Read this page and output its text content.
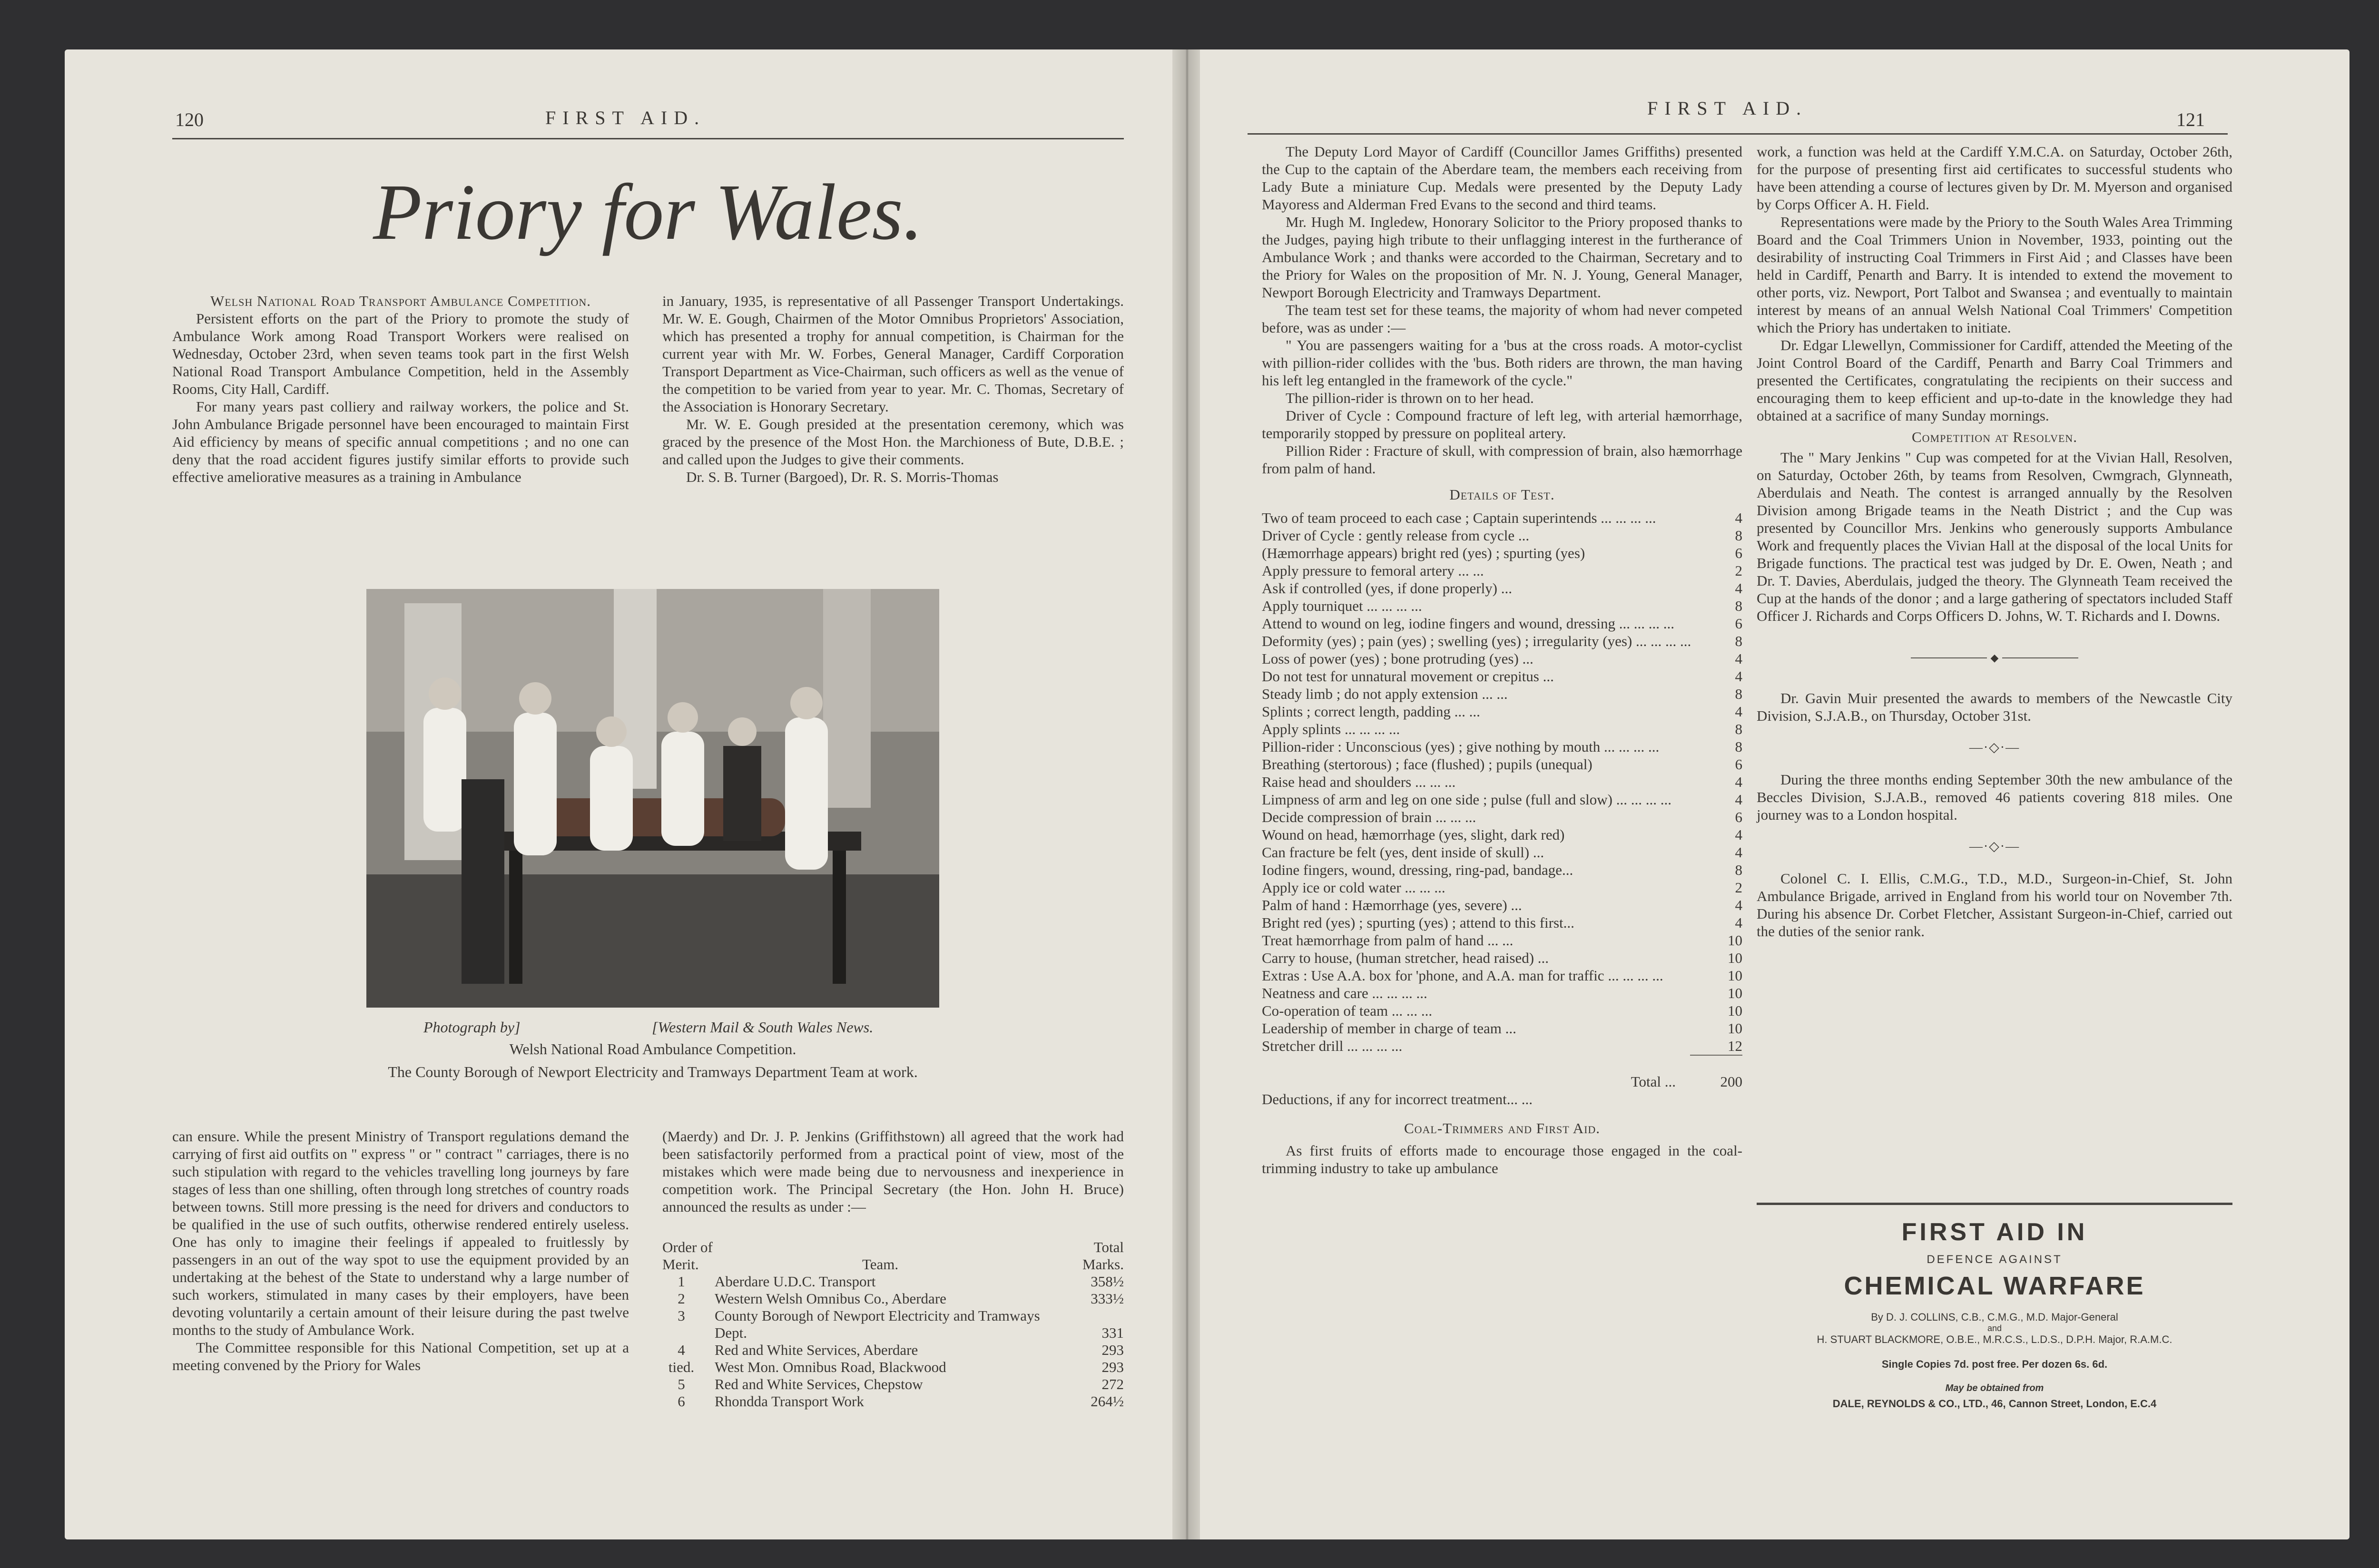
120	FIRST AID.
Priory for Wales.

Welsh National Road Transport Ambulance Competition.

Persistent efforts on the part of the Priory to promote the study of Ambulance Work among Road Transport Workers were realised on Wednesday, October 23rd, when seven teams took part in the first Welsh National Road Transport Ambulance Competition, held in the Assembly Rooms, City Hall, Cardiff.

For many years past colliery and railway workers, the police and St. John Ambulance Brigade personnel have been encouraged to maintain First Aid efficiency by means of specific annual competitions ; and no one can deny that the road accident figures justify similar efforts to provide such effective ameliorative measures as a training in Ambulance

in January, 1935, is representative of all Passenger Transport Undertakings. Mr. W. E. Gough, Chairmen of the Motor Omnibus Proprietors' Association, which has presented a trophy for annual competition, is Chairman for the current year with Mr. W. Forbes, General Manager, Cardiff Corporation Transport Department as Vice-Chairman, such officers as well as the venue of the competition to be varied from year to year. Mr. C. Thomas, Secretary of the Association is Honorary Secretary.

Mr. W. E. Gough presided at the presentation ceremony, which was graced by the presence of the Most Hon. the Marchioness of Bute, D.B.E. ; and called upon the Judges to give their comments.

Dr. S. B. Turner (Bargoed), Dr. R. S. Morris-Thomas

Photograph by]	[Western Mail & South Wales News.
Welsh National Road Ambulance Competition.
The County Borough of Newport Electricity and Tramways Department Team at work.

can ensure. While the present Ministry of Transport regulations demand the carrying of first aid outfits on " express " or " contract " carriages, there is no such stipulation with regard to the vehicles travelling long journeys by fare stages of less than one shilling, often through long stretches of country roads between towns. Still more pressing is the need for drivers and conductors to be qualified in the use of such outfits, otherwise rendered entirely useless. One has only to imagine their feelings if appealed to fruitlessly by passengers in an out of the way spot to use the equipment provided by an undertaking at the behest of the State to understand why a large number of such workers, stimulated in many cases by their employers, have been devoting voluntarily a certain amount of their leisure during the past twelve months to the study of Ambulance Work.

The Committee responsible for this National Competition, set up at a meeting convened by the Priory for Wales

(Maerdy) and Dr. J. P. Jenkins (Griffithstown) all agreed that the work had been satisfactorily performed from a practical point of view, most of the mistakes which were made being due to nervousness and inexperience in competition work. The Principal Secretary (the Hon. John H. Bruce) announced the results as under :—

Order of Merit.	Team.
Total Marks.
1	Aberdare U.D.C. Transport	358½
2	Western Welsh Omnibus Co., Aberdare	333½
3	County Borough of Newport Electricity and Tramways Dept.	331
4	Red and White Services, Aberdare	293
tied.	West Mon. Omnibus Road, Blackwood	293
5	Red and White Services, Chepstow	272
6	Rhondda Transport Work	264½
FIRST AID.
121

The Deputy Lord Mayor of Cardiff (Councillor James Griffiths) presented the Cup to the captain of the Aberdare team, the members each receiving from Lady Bute a miniature Cup. Medals were presented by the Deputy Lady Mayoress and Alderman Fred Evans to the second and third teams.

Mr. Hugh M. Ingledew, Honorary Solicitor to the Priory proposed thanks to the Judges, paying high tribute to their unflagging interest in the furtherance of Ambulance Work ; and thanks were accorded to the Chairman, Secretary and to the Priory for Wales on the proposition of Mr. N. J. Young, General Manager, Newport Borough Electricity and Tramways Department.

The team test set for these teams, the majority of whom had never competed before, was as under :—

" You are passengers waiting for a 'bus at the cross roads. A motor-cyclist with pillion-rider collides with the 'bus. Both riders are thrown, the man having his left leg entangled in the framework of the cycle."

The pillion-rider is thrown on to her head.

Driver of Cycle : Compound fracture of left leg, with arterial hæmorrhage, temporarily stopped by pressure on popliteal artery.

Pillion Rider : Fracture of skull, with compression of brain, also hæmorrhage from palm of hand.

Details of Test.

Two of team proceed to each case ; Captain superintends ... ... ... ...	4
Driver of Cycle : gently release from cycle ...	8
(Hæmorrhage appears) bright red (yes) ; spurting (yes)	6
Apply pressure to femoral artery ... ...	2
Ask if controlled (yes, if done properly) ...	4
Apply tourniquet ... ... ... ...	8
Attend to wound on leg, iodine fingers and wound, dressing ... ... ... ...	6
Deformity (yes) ; pain (yes) ; swelling (yes) ; irregularity (yes) ... ... ... ...	8
Loss of power (yes) ; bone protruding (yes) ...	4
Do not test for unnatural movement or crepitus ...	4
Steady limb ; do not apply extension ... ...	8
Splints ; correct length, padding ... ...	4
Apply splints ... ... ... ...	8
Pillion-rider : Unconscious (yes) ; give nothing by mouth ... ... ... ...	8
Breathing (stertorous) ; face (flushed) ; pupils (unequal)	6
Raise head and shoulders ... ... ...	4
Limpness of arm and leg on one side ; pulse (full and slow) ... ... ... ...	4
Decide compression of brain ... ... ...	6
Wound on head, hæmorrhage (yes, slight, dark red)	4
Can fracture be felt (yes, dent inside of skull) ...	4
Iodine fingers, wound, dressing, ring-pad, bandage...	8
Apply ice or cold water ... ... ...	2
Palm of hand : Hæmorrhage (yes, severe) ...	4
Bright red (yes) ; spurting (yes) ; attend to this first...	4
Treat hæmorrhage from palm of hand ... ...	10
Carry to house, (human stretcher, head raised) ...	10
Extras : Use A.A. box for 'phone, and A.A. man for traffic ... ... ... ...	10
Neatness and care ... ... ... ...	10
Co-operation of team ... ... ...	10
Leadership of member in charge of team ...	10
Stretcher drill ... ... ... ...	12
Total ...	200
Deductions, if any for incorrect treatment... ...

Coal-Trimmers and First Aid.

As first fruits of efforts made to encourage those engaged in the coal-trimming industry to take up ambulance

work, a function was held at the Cardiff Y.M.C.A. on Saturday, October 26th, for the purpose of presenting first aid certificates to successful students who have been attending a course of lectures given by Dr. M. Myerson and organised by Corps Officer A. H. Field.

Representations were made by the Priory to the South Wales Area Trimming Board and the Coal Trimmers Union in November, 1933, pointing out the desirability of instructing Coal Trimmers in First Aid ; and Classes have been held in Cardiff, Penarth and Barry. It is intended to extend the movement to other ports, viz. Newport, Port Talbot and Swansea ; and eventually to maintain interest by means of an annual Welsh National Coal Trimmers' Competition which the Priory has undertaken to initiate.

Dr. Edgar Llewellyn, Commissioner for Cardiff, attended the Meeting of the Joint Control Board of the Cardiff, Penarth and Barry Coal Trimmers and presented the Certificates, congratulating the recipients on their success and encouraging them to keep efficient and up-to-date in the knowledge they had obtained at a sacrifice of many Sunday mornings.

Competition at Resolven.

The " Mary Jenkins " Cup was competed for at the Vivian Hall, Resolven, on Saturday, October 26th, by teams from Resolven, Cwmgrach, Glynneath, Aberdulais and Neath. The contest is arranged annually by the Resolven Division among Brigade teams in the Neath District ; and the Cup was presented by Councillor Mrs. Jenkins who generously supports Ambulance Work and frequently places the Vivian Hall at the disposal of the local Units for Brigade functions. The practical test was judged by Dr. E. Owen, Neath ; and Dr. T. Davies, Aberdulais, judged the theory. The Glynneath Team received the Cup at the hands of the donor ; and a large gathering of spectators included Staff Officer J. Richards and Corps Officers D. Johns, W. T. Richards and I. Downs.

◆

Dr. Gavin Muir presented the awards to members of the Newcastle City Division, S.J.A.B., on Thursday, October 31st.

—·◇·—

During the three months ending September 30th the new ambulance of the Beccles Division, S.J.A.B., removed 46 patients covering 818 miles. One journey was to a London hospital.

—·◇·—

Colonel C. I. Ellis, C.M.G., T.D., M.D., Surgeon-in-Chief, St. John Ambulance Brigade, arrived in England from his world tour on November 7th. During his absence Dr. Corbet Fletcher, Assistant Surgeon-in-Chief, carried out the duties of the senior rank.

FIRST AID IN
DEFENCE AGAINST
CHEMICAL WARFARE
By D. J. COLLINS, C.B., C.M.G., M.D. Major-General
and
H. STUART BLACKMORE, O.B.E., M.R.C.S., L.D.S., D.P.H. Major, R.A.M.C.
Single Copies 7d. post free. Per dozen 6s. 6d.
May be obtained from
DALE, REYNOLDS & CO., LTD., 46, Cannon Street, London, E.C.4
